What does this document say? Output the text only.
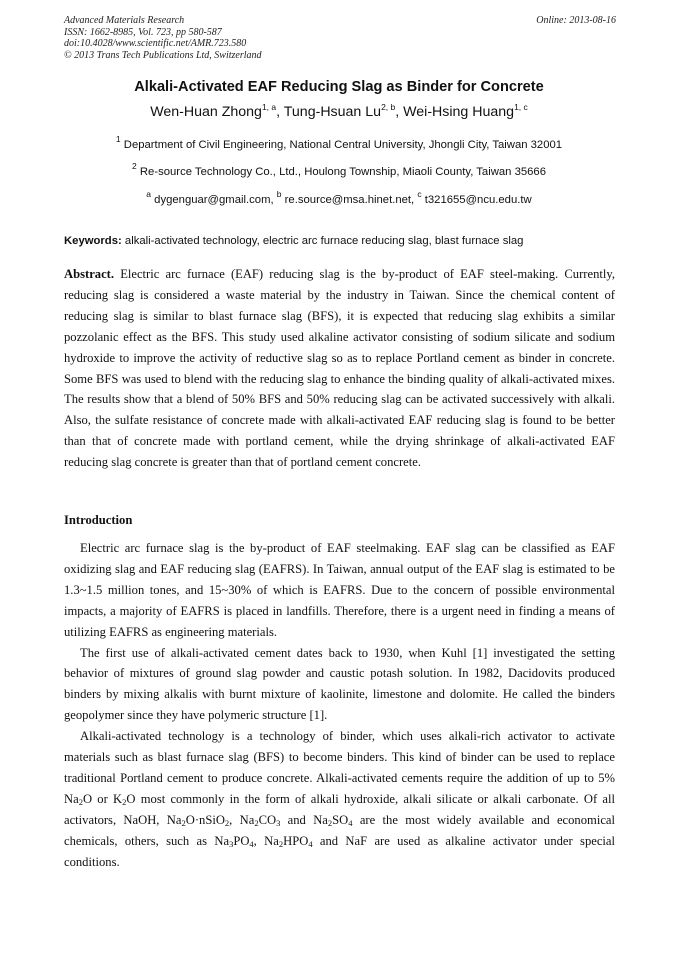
Advanced Materials Research
ISSN: 1662-8985, Vol. 723, pp 580-587
doi:10.4028/www.scientific.net/AMR.723.580
© 2013 Trans Tech Publications Ltd, Switzerland
Online: 2013-08-16
Alkali-Activated EAF Reducing Slag as Binder for Concrete
Wen-Huan Zhong$^{1, a}$, Tung-Hsuan Lu$^{2, b}$, Wei-Hsing Huang$^{1, c}$
$^1$ Department of Civil Engineering, National Central University, Jhongli City, Taiwan 32001
$^2$ Re-source Technology Co., Ltd., Houlong Township, Miaoli County, Taiwan 35666
$^a$ dygenguar@gmail.com, $^b$ re.source@msa.hinet.net, $^c$ t321655@ncu.edu.tw
Keywords: alkali-activated technology, electric arc furnace reducing slag, blast furnace slag

Abstract. Electric arc furnace (EAF) reducing slag is the by-product of EAF steel-making. Currently, reducing slag is considered a waste material by the industry in Taiwan. Since the chemical content of reducing slag is similar to blast furnace slag (BFS), it is expected that reducing slag exhibits a similar pozzolanic effect as the BFS. This study used alkaline activator consisting of sodium silicate and sodium hydroxide to improve the activity of reductive slag so as to replace Portland cement as binder in concrete. Some BFS was used to blend with the reducing slag to enhance the binding quality of alkali-activated mixes. The results show that a blend of 50% BFS and 50% reducing slag can be activated successively with alkali. Also, the sulfate resistance of concrete made with alkali-activated EAF reducing slag is found to be better than that of concrete made with portland cement, while the drying shrinkage of alkali-activated EAF reducing slag concrete is greater than that of portland cement concrete.

Introduction

Electric arc furnace slag is the by-product of EAF steelmaking. EAF slag can be classified as EAF oxidizing slag and EAF reducing slag (EAFRS). In Taiwan, annual output of the EAF slag is estimated to be 1.3~1.5 million tones, and 15~30% of which is EAFRS. Due to the concern of possible environmental impacts, a majority of EAFRS is placed in landfills. Therefore, there is a urgent need in finding a means of utilizing EAFRS as engineering materials.

The first use of alkali-activated cement dates back to 1930, when Kuhl [1] investigated the setting behavior of mixtures of ground slag powder and caustic potash solution. In 1982, Dacidovits produced binders by mixing alkalis with burnt mixture of kaolinite, limestone and dolomite. He called the binders geopolymer since they have polymeric structure [1].

Alkali-activated technology is a technology of binder, which uses alkali-rich activator to activate materials such as blast furnace slag (BFS) to become binders. This kind of binder can be used to replace traditional Portland cement to produce concrete. Alkali-activated cements require the addition of up to 5% $Na_2O$ or $K_2O$ most commonly in the form of alkali hydroxide, alkali silicate or alkali carbonate. Of all activators, NaOH, $Na_2O\cdot nSiO_2$, $Na_2CO_3$ and $Na_2SO_4$ are the most widely available and economical chemicals, others, such as $Na_3PO_4$, $Na_2HPO_4$ and NaF are used as alkaline activator under special conditions.
